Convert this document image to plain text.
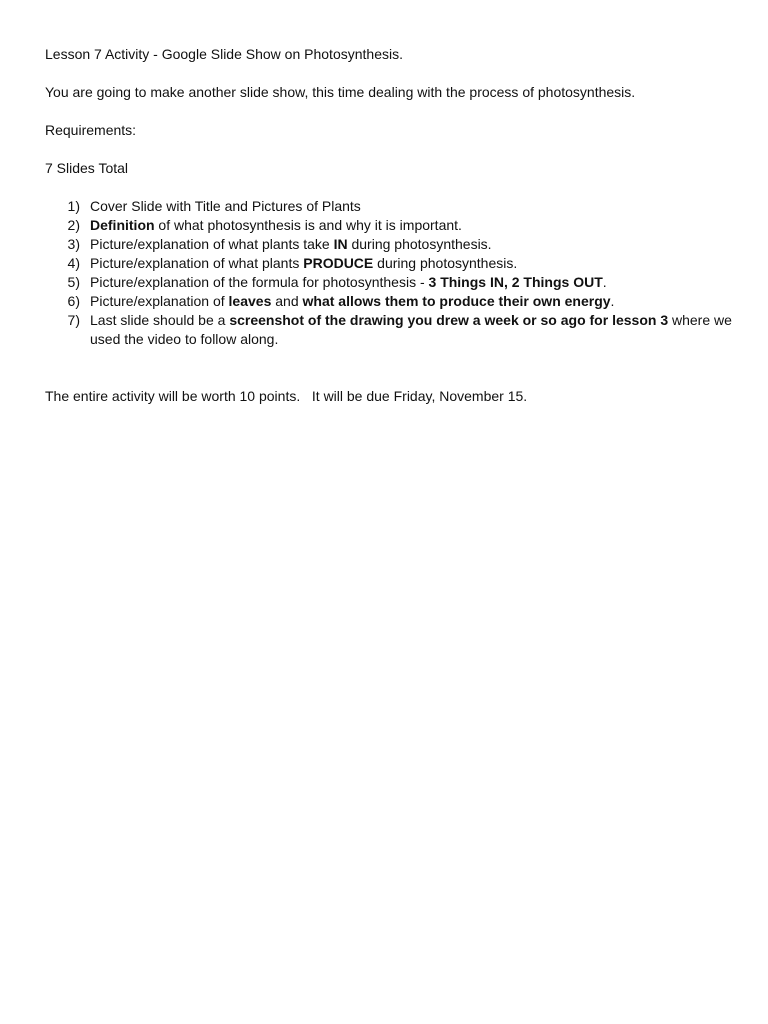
Lesson 7 Activity - Google Slide Show on Photosynthesis.

You are going to make another slide show, this time dealing with the process of photosynthesis.

Requirements:

7 Slides Total

1) Cover Slide with Title and Pictures of Plants
2) Definition of what photosynthesis is and why it is important.
3) Picture/explanation of what plants take IN during photosynthesis.
4) Picture/explanation of what plants PRODUCE during photosynthesis.
5) Picture/explanation of the formula for photosynthesis - 3 Things IN, 2 Things OUT.
6) Picture/explanation of leaves and what allows them to produce their own energy.
7) Last slide should be a screenshot of the drawing you drew a week or so ago for lesson 3 where we used the video to follow along.

The entire activity will be worth 10 points.   It will be due Friday, November 15.
